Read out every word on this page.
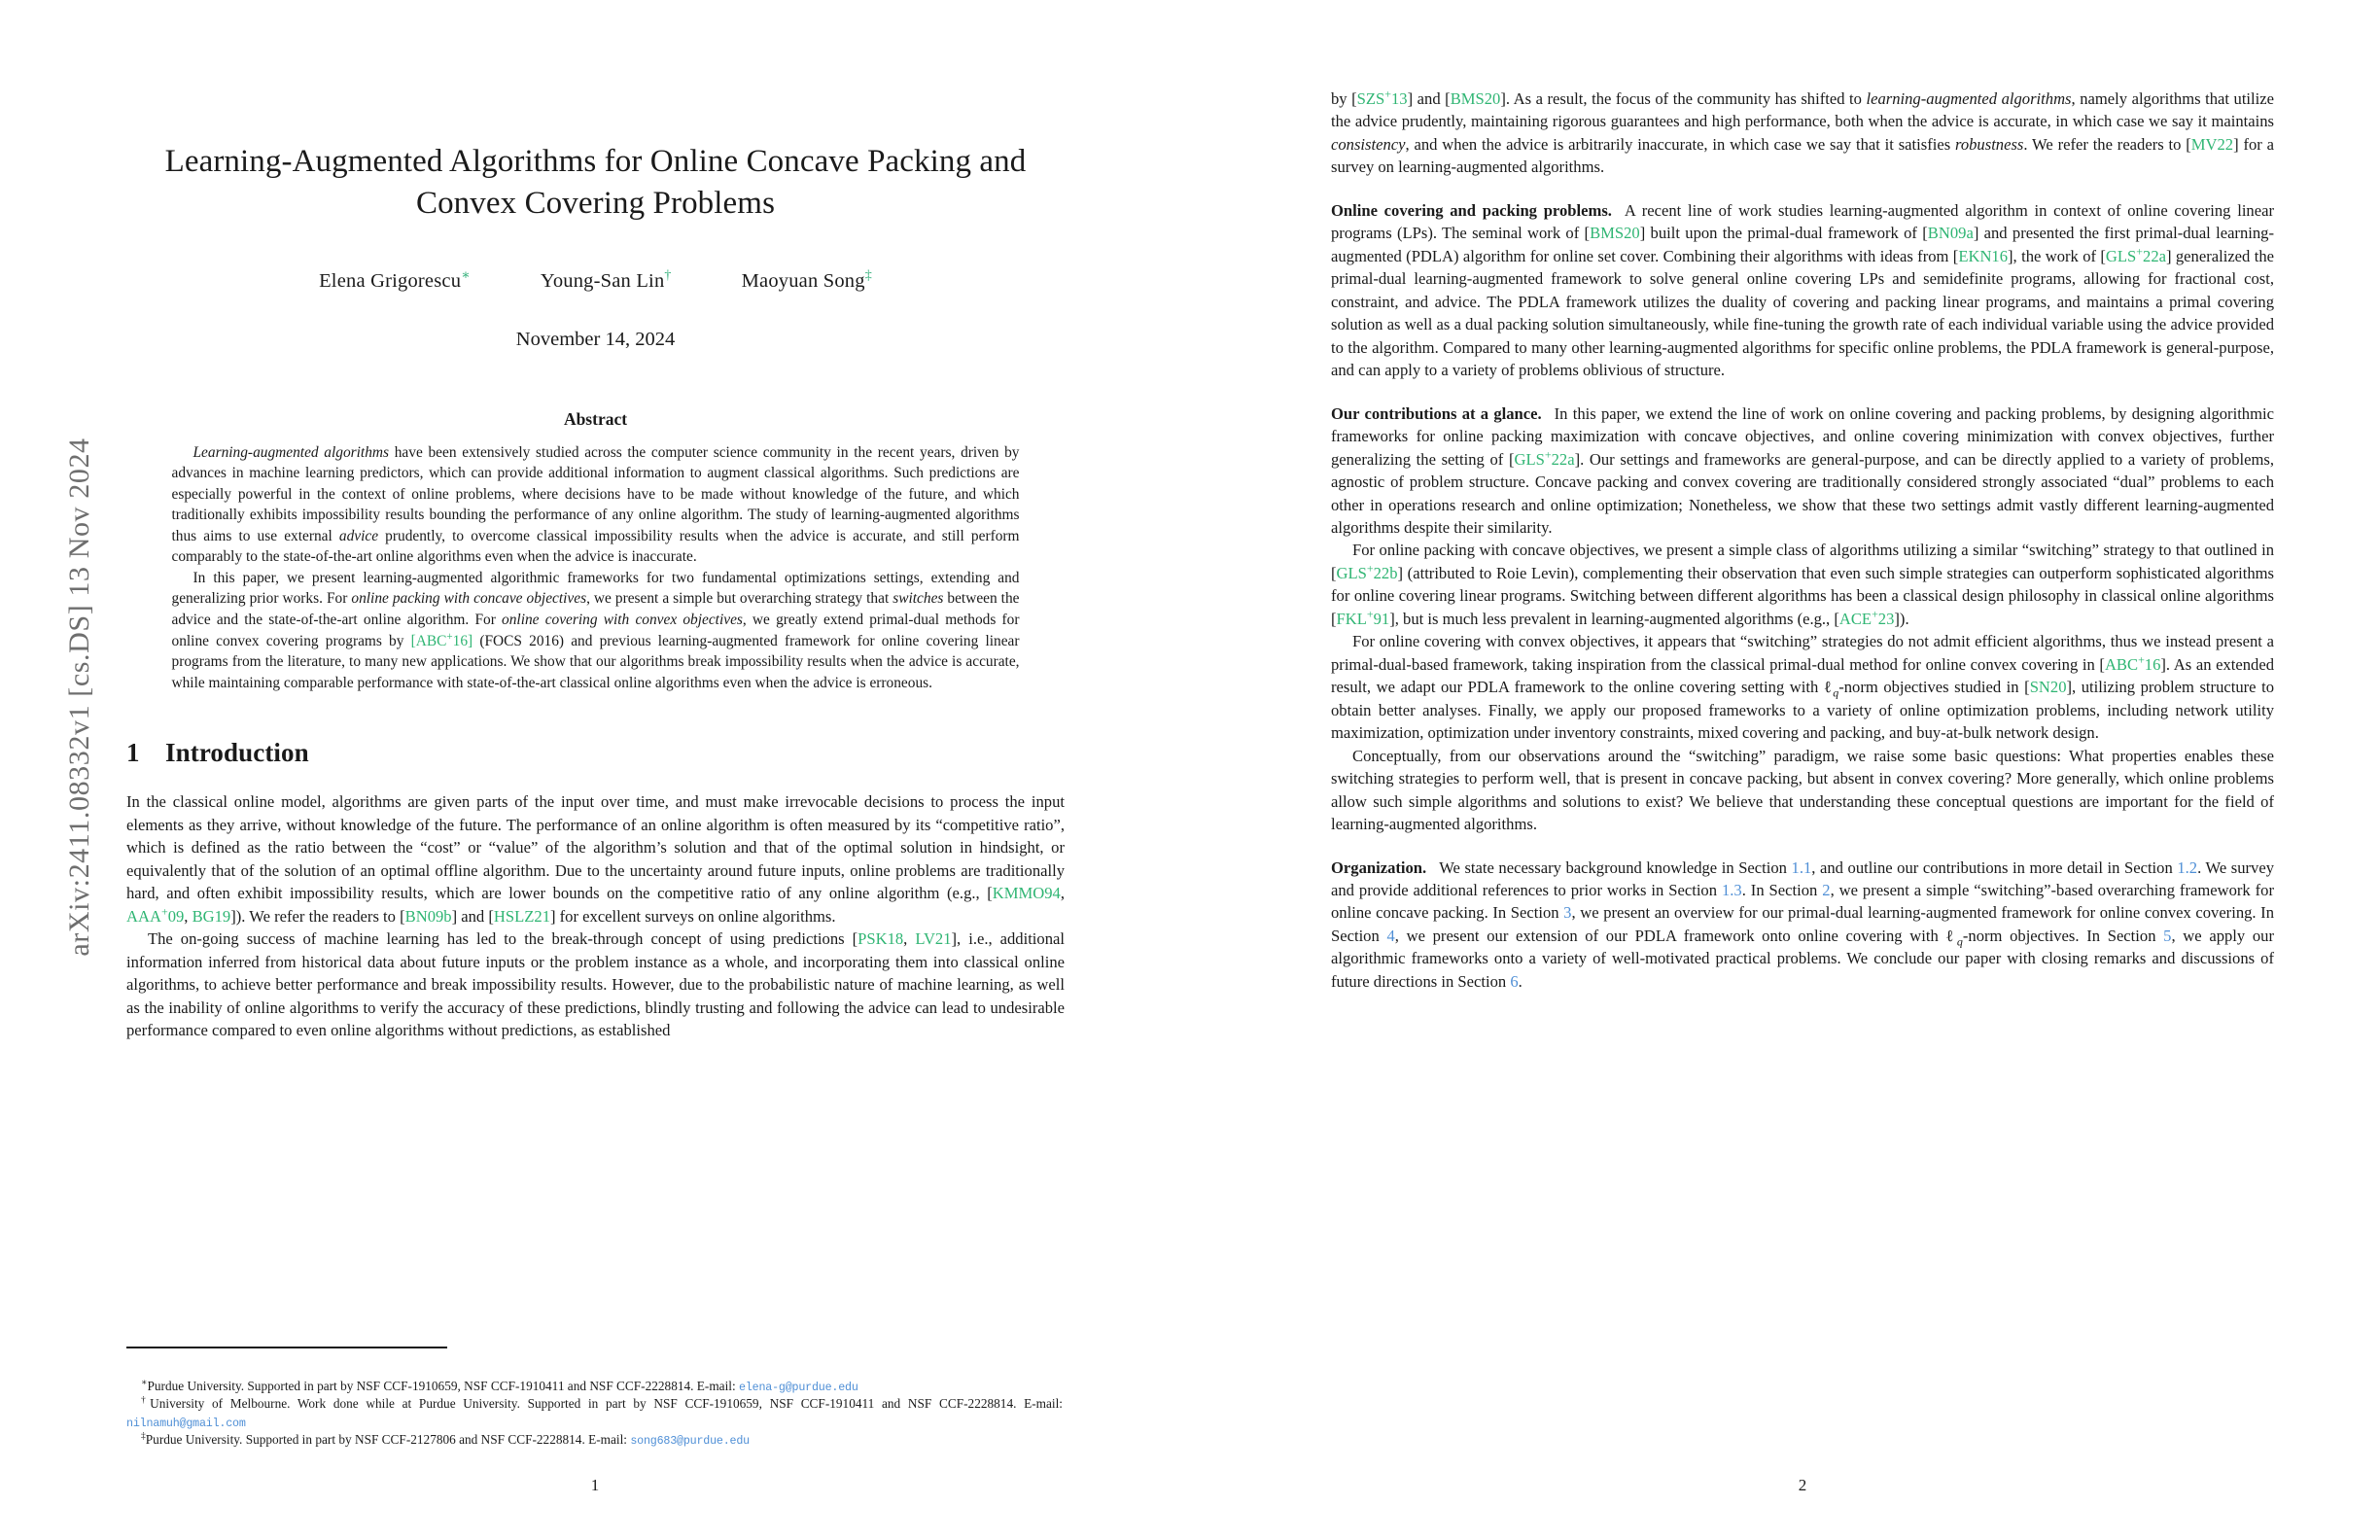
arXiv:2411.08332v1 [cs.DS] 13 Nov 2024
Learning-Augmented Algorithms for Online Concave Packing and Convex Covering Problems
Elena Grigorescu∗	Young-San Lin†	Maoyuan Song‡
November 14, 2024
Abstract

Learning-augmented algorithms have been extensively studied across the computer science community in the recent years, driven by advances in machine learning predictors, which can provide additional information to augment classical algorithms. Such predictions are especially powerful in the context of online problems, where decisions have to be made without knowledge of the future, and which traditionally exhibits impossibility results bounding the performance of any online algorithm. The study of learning-augmented algorithms thus aims to use external advice prudently, to overcome classical impossibility results when the advice is accurate, and still perform comparably to the state-of-the-art online algorithms even when the advice is inaccurate.

In this paper, we present learning-augmented algorithmic frameworks for two fundamental optimizations settings, extending and generalizing prior works. For online packing with concave objectives, we present a simple but overarching strategy that switches between the advice and the state-of-the-art online algorithm. For online covering with convex objectives, we greatly extend primal-dual methods for online convex covering programs by [ABC+16] (FOCS 2016) and previous learning-augmented framework for online covering linear programs from the literature, to many new applications. We show that our algorithms break impossibility results when the advice is accurate, while maintaining comparable performance with state-of-the-art classical online algorithms even when the advice is erroneous.

1 Introduction

In the classical online model, algorithms are given parts of the input over time, and must make irrevocable decisions to process the input elements as they arrive, without knowledge of the future. The performance of an online algorithm is often measured by its “competitive ratio”, which is defined as the ratio between the “cost” or “value” of the algorithm’s solution and that of the optimal solution in hindsight, or equivalently that of the solution of an optimal offline algorithm. Due to the uncertainty around future inputs, online problems are traditionally hard, and often exhibit impossibility results, which are lower bounds on the competitive ratio of any online algorithm (e.g., [KMMO94, AAA+09, BG19]). We refer the readers to [BN09b] and [HSLZ21] for excellent surveys on online algorithms.

The on-going success of machine learning has led to the break-through concept of using predictions [PSK18, LV21], i.e., additional information inferred from historical data about future inputs or the problem instance as a whole, and incorporating them into classical online algorithms, to achieve better performance and break impossibility results. However, due to the probabilistic nature of machine learning, as well as the inability of online algorithms to verify the accuracy of these predictions, blindly trusting and following the advice can lead to undesirable performance compared to even online algorithms without predictions, as established

∗Purdue University. Supported in part by NSF CCF-1910659, NSF CCF-1910411 and NSF CCF-2228814. E-mail: elena-g@purdue.edu

†University of Melbourne. Work done while at Purdue University. Supported in part by NSF CCF-1910659, NSF CCF-1910411 and NSF CCF-2228814. E-mail: nilnamuh@gmail.com

‡Purdue University. Supported in part by NSF CCF-2127806 and NSF CCF-2228814. E-mail: song683@purdue.edu

1

by [SZS+13] and [BMS20]. As a result, the focus of the community has shifted to learning-augmented algorithms, namely algorithms that utilize the advice prudently, maintaining rigorous guarantees and high performance, both when the advice is accurate, in which case we say it maintains consistency, and when the advice is arbitrarily inaccurate, in which case we say that it satisfies robustness. We refer the readers to [MV22] for a survey on learning-augmented algorithms.

Online covering and packing problems. A recent line of work studies learning-augmented algorithm in context of online covering linear programs (LPs). The seminal work of [BMS20] built upon the primal-dual framework of [BN09a] and presented the first primal-dual learning-augmented (PDLA) algorithm for online set cover. Combining their algorithms with ideas from [EKN16], the work of [GLS+22a] generalized the primal-dual learning-augmented framework to solve general online covering LPs and semidefinite programs, allowing for fractional cost, constraint, and advice. The PDLA framework utilizes the duality of covering and packing linear programs, and maintains a primal covering solution as well as a dual packing solution simultaneously, while fine-tuning the growth rate of each individual variable using the advice provided to the algorithm. Compared to many other learning-augmented algorithms for specific online problems, the PDLA framework is general-purpose, and can apply to a variety of problems oblivious of structure.

Our contributions at a glance. In this paper, we extend the line of work on online covering and packing problems, by designing algorithmic frameworks for online packing maximization with concave objectives, and online covering minimization with convex objectives, further generalizing the setting of [GLS+22a]. Our settings and frameworks are general-purpose, and can be directly applied to a variety of problems, agnostic of problem structure. Concave packing and convex covering are traditionally considered strongly associated “dual” problems to each other in operations research and online optimization; Nonetheless, we show that these two settings admit vastly different learning-augmented algorithms despite their similarity.

For online packing with concave objectives, we present a simple class of algorithms utilizing a similar “switching” strategy to that outlined in [GLS+22b] (attributed to Roie Levin), complementing their observation that even such simple strategies can outperform sophisticated algorithms for online covering linear programs. Switching between different algorithms has been a classical design philosophy in classical online algorithms [FKL+91], but is much less prevalent in learning-augmented algorithms (e.g., [ACE+23]).

For online covering with convex objectives, it appears that “switching” strategies do not admit efficient algorithms, thus we instead present a primal-dual-based framework, taking inspiration from the classical primal-dual method for online convex covering in [ABC+16]. As an extended result, we adapt our PDLA framework to the online covering setting with ℓ$_q$-norm objectives studied in [SN20], utilizing problem structure to obtain better analyses. Finally, we apply our proposed frameworks to a variety of online optimization problems, including network utility maximization, optimization under inventory constraints, mixed covering and packing, and buy-at-bulk network design.

Conceptually, from our observations around the “switching” paradigm, we raise some basic questions: What properties enables these switching strategies to perform well, that is present in concave packing, but absent in convex covering? More generally, which online problems allow such simple algorithms and solutions to exist? We believe that understanding these conceptual questions are important for the field of learning-augmented algorithms.

Organization. We state necessary background knowledge in Section 1.1, and outline our contributions in more detail in Section 1.2. We survey and provide additional references to prior works in Section 1.3. In Section 2, we present a simple “switching”-based overarching framework for online concave packing. In Section 3, we present an overview for our primal-dual learning-augmented framework for online convex covering. In Section 4, we present our extension of our PDLA framework onto online covering with ℓ$_q$-norm objectives. In Section 5, we apply our algorithmic frameworks onto a variety of well-motivated practical problems. We conclude our paper with closing remarks and discussions of future directions in Section 6.

2
